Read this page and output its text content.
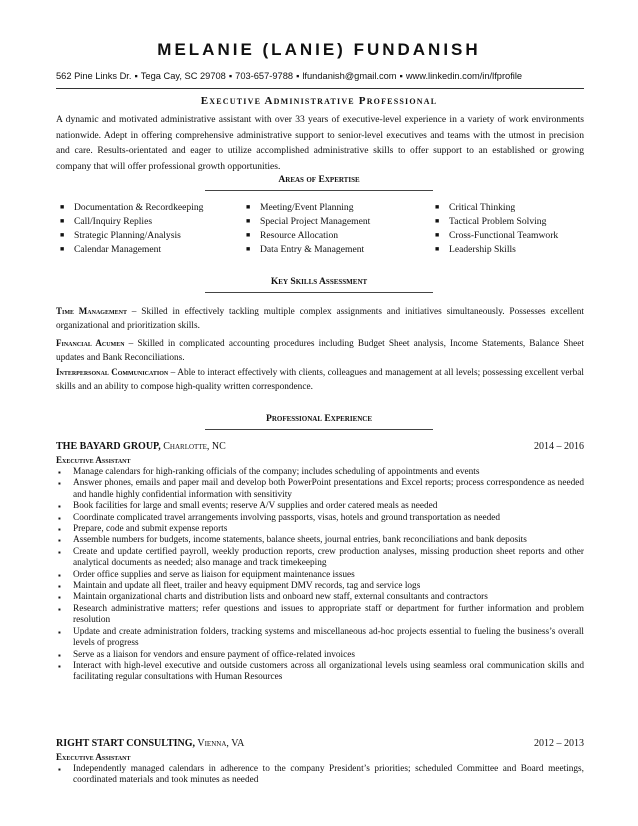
MELANIE (LANIE) FUNDANISH
562 Pine Links Dr. ▪ Tega Cay, SC 29708 ▪ 703-657-9788 ▪ lfundanish@gmail.com ▪ www.linkedin.com/in/lfprofile
Executive Administrative Professional
A dynamic and motivated administrative assistant with over 33 years of executive-level experience in a variety of work environments nationwide. Adept in offering comprehensive administrative support to senior-level executives and teams with the utmost in precision and care. Results-orientated and eager to utilize accomplished administrative skills to offer support to an established or growing company that will offer professional growth opportunities.
Areas of Expertise
■ Documentation & Recordkeeping
■ Call/Inquiry Replies
■ Strategic Planning/Analysis
■ Calendar Management
■ Meeting/Event Planning
■ Special Project Management
■ Resource Allocation
■ Data Entry & Management
■ Critical Thinking
■ Tactical Problem Solving
■ Cross-Functional Teamwork
■ Leadership Skills
Key Skills Assessment
Time Management – Skilled in effectively tackling multiple complex assignments and initiatives simultaneously. Possesses excellent organizational and prioritization skills.
Financial Acumen – Skilled in complicated accounting procedures including Budget Sheet analysis, Income Statements, Balance Sheet updates and Bank Reconciliations.
Interpersonal Communication – Able to interact effectively with clients, colleagues and management at all levels; possessing excellent verbal skills and an ability to compose high-quality written correspondence.
Professional Experience
THE BAYARD GROUP, Charlotte, NC	2014 – 2016
Executive Assistant
▪ Manage calendars for high-ranking officials of the company; includes scheduling of appointments and events
▪ Answer phones, emails and paper mail and develop both PowerPoint presentations and Excel reports; process correspondence as needed and handle highly confidential information with sensitivity
▪ Book facilities for large and small events; reserve A/V supplies and order catered meals as needed
▪ Coordinate complicated travel arrangements involving passports, visas, hotels and ground transportation as needed
▪ Prepare, code and submit expense reports
▪ Assemble numbers for budgets, income statements, balance sheets, journal entries, bank reconciliations and bank deposits
▪ Create and update certified payroll, weekly production reports, crew production analyses, missing production sheet reports and other analytical documents as needed; also manage and track timekeeping
▪ Order office supplies and serve as liaison for equipment maintenance issues
▪ Maintain and update all fleet, trailer and heavy equipment DMV records, tag and service logs
▪ Maintain organizational charts and distribution lists and onboard new staff, external consultants and contractors
▪ Research administrative matters; refer questions and issues to appropriate staff or department for further information and problem resolution
▪ Update and create administration folders, tracking systems and miscellaneous ad-hoc projects essential to fueling the business’s overall levels of progress
▪ Serve as a liaison for vendors and ensure payment of office-related invoices
▪ Interact with high-level executive and outside customers across all organizational levels using seamless oral communication skills and facilitating regular consultations with Human Resources
RIGHT START CONSULTING, Vienna, VA	2012 – 2013
Executive Assistant
▪ Independently managed calendars in adherence to the company President’s priorities; scheduled Committee and Board meetings, coordinated materials and took minutes as needed
